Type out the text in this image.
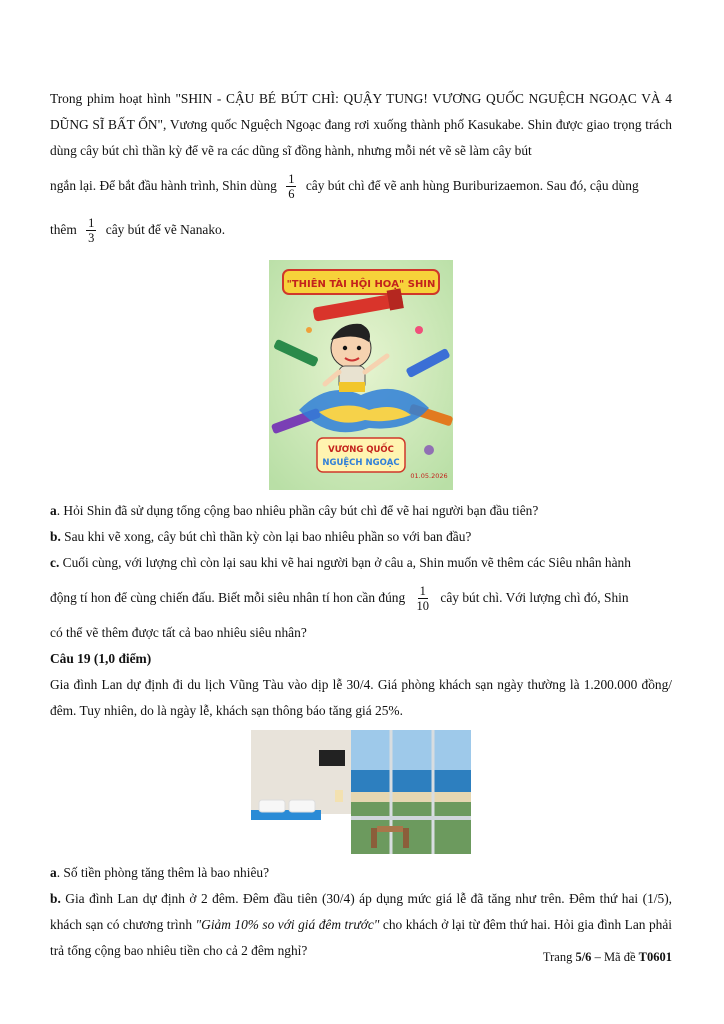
Trong phim hoạt hình "SHIN - CẬU BÉ BÚT CHÌ: QUẬY TUNG! VƯƠNG QUỐC NGUỆCH NGOẠC VÀ 4 DŨNG SĨ BẤT ỔN", Vương quốc Nguệch Ngoạc đang rơi xuống thành phố Kasukabe. Shin được giao trọng trách dùng cây bút chì thần kỳ để vẽ ra các dũng sĩ đồng hành, nhưng mỗi nét vẽ sẽ làm cây bút

ngắn lại. Để bắt đầu hành trình, Shin dùng $\frac{1}{6}$ cây bút chì để vẽ anh hùng Buriburizaemon. Sau đó, cậu dùng

thêm $\frac{1}{3}$ cây bút để vẽ Nanako.

"THIÊN TÀI HỘI HOẠ" SHIN
VƯƠNG QUỐC
NGUỆCH NGOẠC
01.05.2026

a. Hỏi Shin đã sử dụng tổng cộng bao nhiêu phần cây bút chì để vẽ hai người bạn đầu tiên?

b. Sau khi vẽ xong, cây bút chì thần kỳ còn lại bao nhiêu phần so với ban đầu?

c. Cuối cùng, với lượng chì còn lại sau khi vẽ hai người bạn ở câu a, Shin muốn vẽ thêm các Siêu nhân hành

động tí hon để cùng chiến đấu. Biết mỗi siêu nhân tí hon cần đúng $\frac{1}{10}$ cây bút chì. Với lượng chì đó, Shin

có thể vẽ thêm được tất cả bao nhiêu siêu nhân?

Câu 19 (1,0 điểm)

Gia đình Lan dự định đi du lịch Vũng Tàu vào dịp lễ 30/4. Giá phòng khách sạn ngày thường là 1.200.000 đồng/đêm. Tuy nhiên, do là ngày lễ, khách sạn thông báo tăng giá 25%.

a. Số tiền phòng tăng thêm là bao nhiêu?

b. Gia đình Lan dự định ở 2 đêm. Đêm đầu tiên (30/4) áp dụng mức giá lễ đã tăng như trên. Đêm thứ hai (1/5), khách sạn có chương trình "Giảm 10% so với giá đêm trước" cho khách ở lại từ đêm thứ hai. Hỏi gia đình Lan phải trả tổng cộng bao nhiêu tiền cho cả 2 đêm nghỉ?	Trang 5/6 – Mã đề T0601
